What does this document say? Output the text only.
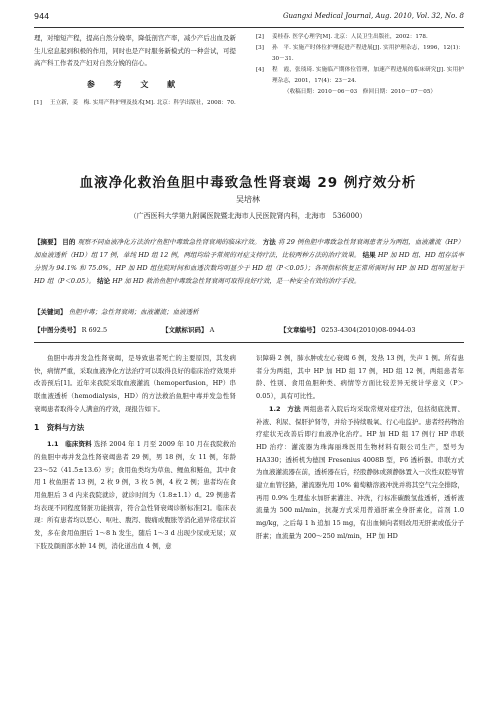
944	Guangxi Medical Journal, Aug. 2010, Vol. 32, No. 8

理，对缩短产程，提高自然分娩率，降低剖宫产率，减少产后出血及新生儿窒息起到积极的作用，同时也是产时服务新模式的一种尝试，可提高产科工作者及产妇对自然分娩的信心。

参 考 文 献
[1]	王立新，姜　梅. 实用产科护理及技术[M]. 北京：科学出版社，2008：70.
[2]	姜桂春. 医学心理学[M]. 北京：人民卫生出版社，2002：178.
[3]	孙　平. 实施产时体位护理促进产程进展[J]. 实用护理杂志，1996，12(1)：30－31.
[4]	程　霞，张琰琦. 实施临产期体位管理，加速产程进展的临床研究[J]. 实用护理杂志，2001，17(4)：23－24.
（收稿日期：2010－06－03　修回日期：2010－07－05）
血液净化救治鱼胆中毒致急性肾衰竭 29 例疗效分析
吴培林
（广西医科大学第九附属医院暨北海市人民医院肾内科，北海市　536000）
【摘要】 目的 观察不同血液净化方法治疗鱼胆中毒致急性肾衰竭的临床疗效。 方法 将 29 例鱼胆中毒致急性肾衰竭患者分为两组，血液灌流（HP）加血液透析（HD）组 17 例，单纯 HD 组 12 例，两组均给予常规的对症支持疗法，比较两种方法的治疗效果。 结果 HP 加 HD 组、HD 组存活率分别为 94.1% 和 75.0%，HP 加 HD 组住院时间和血透次数均明显少于 HD 组（P＜0.05）；各项指标恢复正常所需时间 HP 加 HD 组明显短于 HD 组（P＜0.05）。 结论 HP 加 HD 救治鱼胆中毒致急性肾衰竭可取得良好疗效，是一种安全有效的治疗手段。
【关键词】 鱼胆中毒；急性肾衰竭；血液灌流；血液透析
【中图分类号】 R 692.5	【文献标识码】 A	【文章编号】 0253-4304(2010)08-0944-03

鱼胆中毒并发急性肾衰竭，是导致患者死亡的主要原因，其发病快，病情严重，采取血液净化方法治疗可以取得良好的临床治疗效果并改善预后[1]。近年来我院采取血液灌流（hemoperfusion，HP）串联血液透析（hemodialysis，HD）的方法救治鱼胆中毒并发急性肾衰竭患者取得令人满意的疗效，现报告如下。

1　资料与方法

1.1　临床资料 选择 2004 年 1 月至 2009 年 10 月在我院救治的鱼胆中毒并发急性肾衰竭患者 29 例，男 18 例，女 11 例，年龄 23～52（41.5±13.6）岁；食用鱼类均为草鱼、鲤鱼和鲢鱼，其中食用 1 枚鱼胆者 13 例，2 枚 9 例，3 枚 5 例，4 枚 2 例；患者均在食用鱼胆后 3 d 内来我院就诊，就诊时间为（1.8±1.1）d。29 例患者均表现不同程度肾脏功能损害，符合急性肾衰竭诊断标准[2]。临床表现：所有患者均以恶心、呕吐、腹泻、腹痛或腹胀等消化道异常症状首发，多在食用鱼胆后 1～8 h 发生，随后 1～3 d 出现少尿或无尿；双下肢及颜面部水肿 14 例，消化道出血 4 例，意

识障碍 2 例，肺水肿或左心衰竭 6 例，发热 13 例，失声 1 例。所有患者分为两组，其中 HP 加 HD 组 17 例，HD 组 12 例，两组患者年龄、性别、食用鱼胆种类、病情等方面比较差异无统计学意义（P＞0.05），具有可比性。

1.2　方法 两组患者入院后均采取常规对症疗法，包括彻底洗胃、补液、利尿、保肝护肾等，并给予持续吸氧、行心电监护。患者经药物治疗症状无改善后即行血液净化治疗。HP 加 HD 组 17 例行 HP 串联 HD 治疗：灌流器为珠海丽珠医用生物材料有限公司生产，型号为 HA330；透析机为德国 Fresenius 4008B 型，F6 透析器。串联方式为血液灌流器在前，透析器在后，经股静脉或颈静脉置入一次性双腔导管建立血管径路，灌流器先用 10% 葡萄糖溶液冲洗并将其空气完全排除，再用 0.9% 生理盐水加肝素灌注、冲洗，行标准碳酸氢盐透析，透析液流量为 500 ml/min，抗凝方式采用普通肝素全身肝素化，首剂 1.0 mg/kg，之后每 1 h 追加 15 mg，有出血倾向者则改用无肝素或低分子肝素；血流量为 200～250 ml/min，HP 加 HD
